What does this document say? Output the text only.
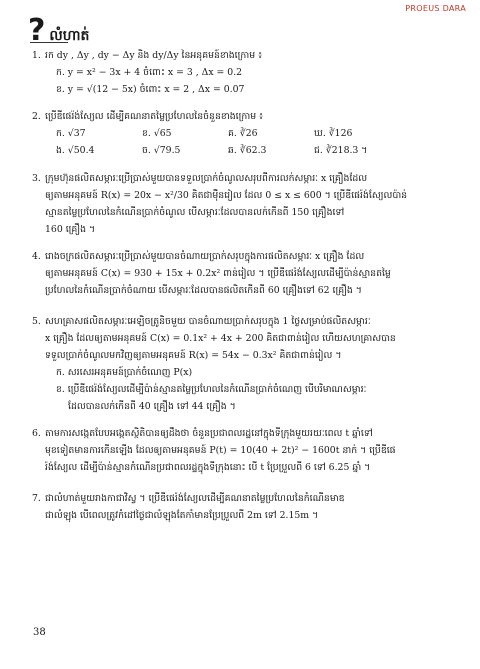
PROEUS DARA
? លំហាត់
1. រក dy , Δy , dy − Δy និង dy/Δy នៃអនុគមន៍ខាងក្រោម ៖
ក. y = x² − 3x + 4 ចំពោះ x = 3 , Δx = 0.2
ខ. y = √(12 − 5x) ចំពោះ x = 2 , Δx = 0.07
2. ប្រើឌីផេរ៉ង់ស្យែល ដើម្បីគណនាតម្លៃប្រហែលនៃចំនួនខាងក្រោម ៖
ក. √37	ខ. √65	គ. ∛26	ឃ. ∛126
ង. √50.4	ច. √79.5	ឆ. ∛62.3	ជ. ∛218.3 ។
3. ក្រុមហ៊ុនផលិតសម្ភារៈប្រើប្រាស់មួយបានទទួលប្រាក់ចំណូលសរុបពីការលក់សម្ភារៈ x គ្រឿងដែល
ឲ្យតាមអនុគមន៍ R(x) = 20x − x²/30 គិតជាម៉ឺនរៀល ដែល 0 ≤ x ≤ 600 ។ ប្រើឌីផេរ៉ង់ស្យែលប៉ាន់
ស្មានតម្លៃប្រហែលនៃកំណើនប្រាក់ចំណូល បើសម្ភារៈដែលបានលក់កើនពី 150 គ្រឿងទៅ
160 គ្រឿង ។
4. រោងចក្រផលិតសម្ភារៈប្រើប្រាស់មួយបានចំណាយប្រាក់សរុបក្នុងការផលិតសម្ភារៈ x គ្រឿង ដែល
ឲ្យតាមអនុគមន៍ C(x) = 930 + 15x + 0.2x² ពាន់រៀល ។ ប្រើឌីផេរ៉ង់ស្យែលដើម្បីប៉ាន់ស្មានតម្លៃ
ប្រហែលនៃកំណើនប្រាក់ចំណាយ បើសម្ភារៈដែលបានផលិតកើនពី 60 គ្រឿងទៅ 62 គ្រឿង ។
5. សហគ្រាសផលិតសម្ភារៈអេឡិចត្រូនិចមួយ បានចំណាយប្រាក់សរុបក្នុង 1 ថ្ងៃសម្រាប់ផលិតសម្ភារៈ
x គ្រឿង ដែលឲ្យតាមអនុគមន៍ C(x) = 0.1x² + 4x + 200 គិតជាពាន់រៀល ហើយសហគ្រាសបាន
ទទួលប្រាក់ចំណូលមកវិញឲ្យតាមអនុគមន៍ R(x) = 54x − 0.3x² គិតជាពាន់រៀល ។
ក. សរសេរអនុគមន៍ប្រាក់ចំណេញ P(x)
ខ. ប្រើឌីផេរ៉ង់ស្យែលដើម្បីប៉ាន់ស្មានតម្លៃប្រហែលនៃកំណើនប្រាក់ចំណេញ បើបរិមាណសម្ភារៈ
ដែលបានលក់កើនពី 40 គ្រឿង ទៅ 44 គ្រឿង ។
6. តាមការសង្កេតបែបអង្កេតស្ថិតិបានឲ្យដឹងថា ចំនួនប្រជាពលរដ្ឋនៅក្នុងទីក្រុងមួយរយៈពេល t ឆ្នាំទៅ
មុខទៀតមានការកើនឡើង ដែលឲ្យតាមអនុគមន៍ P(t) = 10(40 + 2t)² − 1600t នាក់ ។ ប្រើឌីផេ
រ៉ង់ស្យែល ដើម្បីប៉ាន់ស្មានកំណើនប្រជាពលរដ្ឋក្នុងទីក្រុងនោះ បើ t ប្រែប្រួលពី 6 ទៅ 6.25 ឆ្នាំ ។
7. ជាលំហាត់មួយរាងកាជាវិស្វ ។ ប្រើឌីផេរ៉ង់ស្យែលដើម្បីគណនាតម្លៃប្រហែលនៃកំណើនមាឌ
ជាលំឡុង បើពេលត្រូវកំដៅថ្ងៃជាលំឡុងតែកាំមានប្រែប្រួលពី 2m ទៅ 2.15m ។
38
